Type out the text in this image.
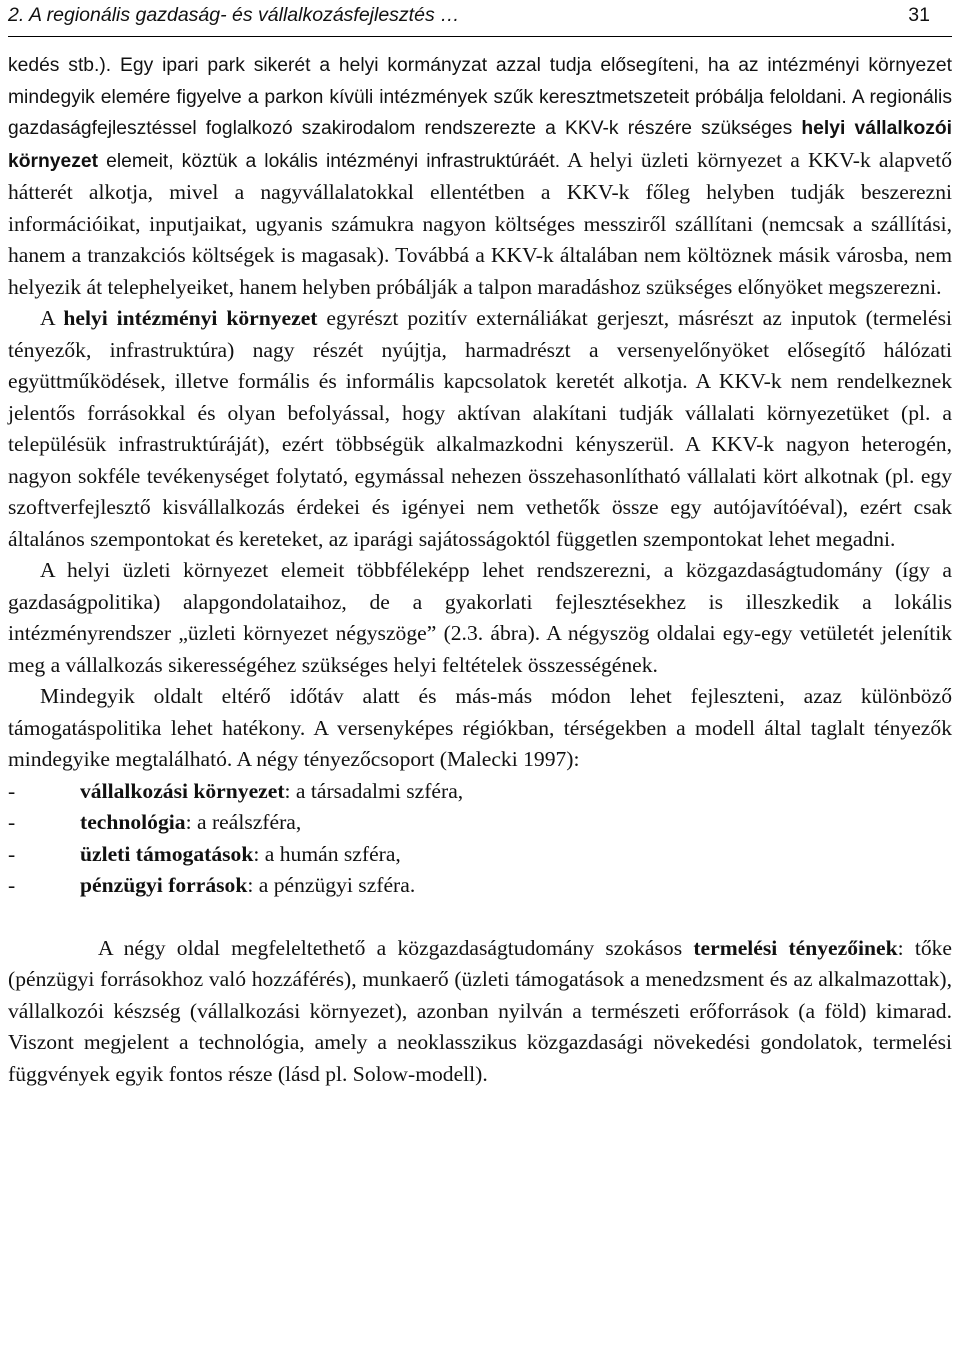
2. A regionális gazdaság- és vállalkozásfejlesztés …	31

kedés stb.). Egy ipari park sikerét a helyi kormányzat azzal tudja elősegíteni, ha az intézményi környezet mindegyik elemére figyelve a parkon kívüli intézmények szűk keresztmetszeteit próbálja feloldani. A regionális gazdaságfejlesztéssel foglalkozó szakirodalom rendszerezte a KKV-k részére szükséges helyi vállalkozói környezet elemeit, köztük a lokális intézményi infrastruktúráét. A helyi üzleti környezet a KKV-k alapvető hátterét alkotja, mivel a nagyvállalatokkal ellentétben a KKV-k főleg helyben tudják beszerezni információikat, inputjaikat, ugyanis számukra nagyon költséges messziről szállítani (nemcsak a szállítási, hanem a tranzakciós költségek is magasak). Továbbá a KKV-k általában nem költöznek másik városba, nem helyezik át telephelyeiket, hanem helyben próbálják a talpon maradáshoz szükséges előnyöket megszerezni.

A helyi intézményi környezet egyrészt pozitív externáliákat gerjeszt, másrészt az inputok (termelési tényezők, infrastruktúra) nagy részét nyújtja, harmadrészt a versenyelőnyöket elősegítő hálózati együttműködések, illetve formális és informális kapcsolatok keretét alkotja. A KKV-k nem rendelkeznek jelentős forrásokkal és olyan befolyással, hogy aktívan alakítani tudják vállalati környezetüket (pl. a településük infrastruktúráját), ezért többségük alkalmazkodni kényszerül. A KKV-k nagyon heterogén, nagyon sokféle tevékenységet folytató, egymással nehezen összehasonlítható vállalati kört alkotnak (pl. egy szoftverfejlesztő kisvállalkozás érdekei és igényei nem vethetők össze egy autójavítóéval), ezért csak általános szempontokat és kereteket, az iparági sajátosságoktól független szempontokat lehet megadni.

A helyi üzleti környezet elemeit többféleképp lehet rendszerezni, a közgazdaságtudomány (így a gazdaságpolitika) alapgondolataihoz, de a gyakorlati fejlesztésekhez is illeszkedik a lokális intézményrendszer „üzleti környezet négyszöge” (2.3. ábra). A négyszög oldalai egy-egy vetületét jelenítik meg a vállalkozás sikerességéhez szükséges helyi feltételek összességének.

Mindegyik oldalt eltérő időtáv alatt és más-más módon lehet fejleszteni, azaz különböző támogatáspolitika lehet hatékony. A versenyképes régiókban, térségekben a modell által taglalt tényezők mindegyike megtalálható. A négy tényezőcsoport (Malecki 1997):

-	vállalkozási környezet: a társadalmi szféra,
-	technológia: a reálszféra,
-	üzleti támogatások: a humán szféra,
-	pénzügyi források: a pénzügyi szféra.

A négy oldal megfeleltethető a közgazdaságtudomány szokásos termelési tényezőinek: tőke (pénzügyi forrásokhoz való hozzáférés), munkaerő (üzleti támogatások a menedzsment és az alkalmazottak), vállalkozói készség (vállalkozási környezet), azonban nyilván a természeti erőforrások (a föld) kimarad. Viszont megjelent a technológia, amely a neoklasszikus közgazdasági növekedési gondolatok, termelési függvények egyik fontos része (lásd pl. Solow-modell).
